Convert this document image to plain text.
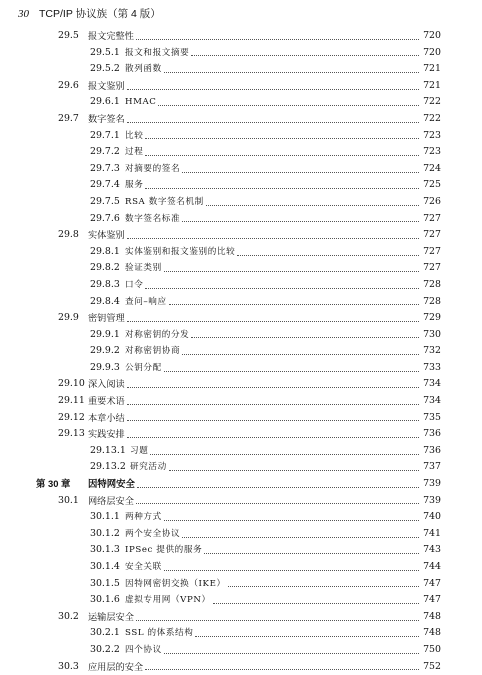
30 TCP/IP 协议族（第 4 版）
29.5 报文完整性	720
29.5.1 报文和报文摘要	720
29.5.2 散列函数	721
29.6 报文鉴别	721
29.6.1 HMAC	722
29.7 数字签名	722
29.7.1 比较	723
29.7.2 过程	723
29.7.3 对摘要的签名	724
29.7.4 服务	725
29.7.5 RSA 数字签名机制	726
29.7.6 数字签名标准	727
29.8 实体鉴别	727
29.8.1 实体鉴别和报文鉴别的比较	727
29.8.2 验证类别	727
29.8.3 口令	728
29.8.4 查问–响应	728
29.9 密钥管理	729
29.9.1 对称密钥的分发	730
29.9.2 对称密钥协商	732
29.9.3 公钥分配	733
29.10 深入阅读	734
29.11 重要术语	734
29.12 本章小结	735
29.13 实践安排	736
29.13.1 习题	736
29.13.2 研究活动	737
第 30 章 因特网安全	739
30.1 网络层安全	739
30.1.1 两种方式	740
30.1.2 两个安全协议	741
30.1.3 IPSec 提供的服务	743
30.1.4 安全关联	744
30.1.5 因特网密钥交换（IKE）	747
30.1.6 虚拟专用网（VPN）	747
30.2 运输层安全	748
30.2.1 SSL 的体系结构	748
30.2.2 四个协议	750
30.3 应用层的安全	752
